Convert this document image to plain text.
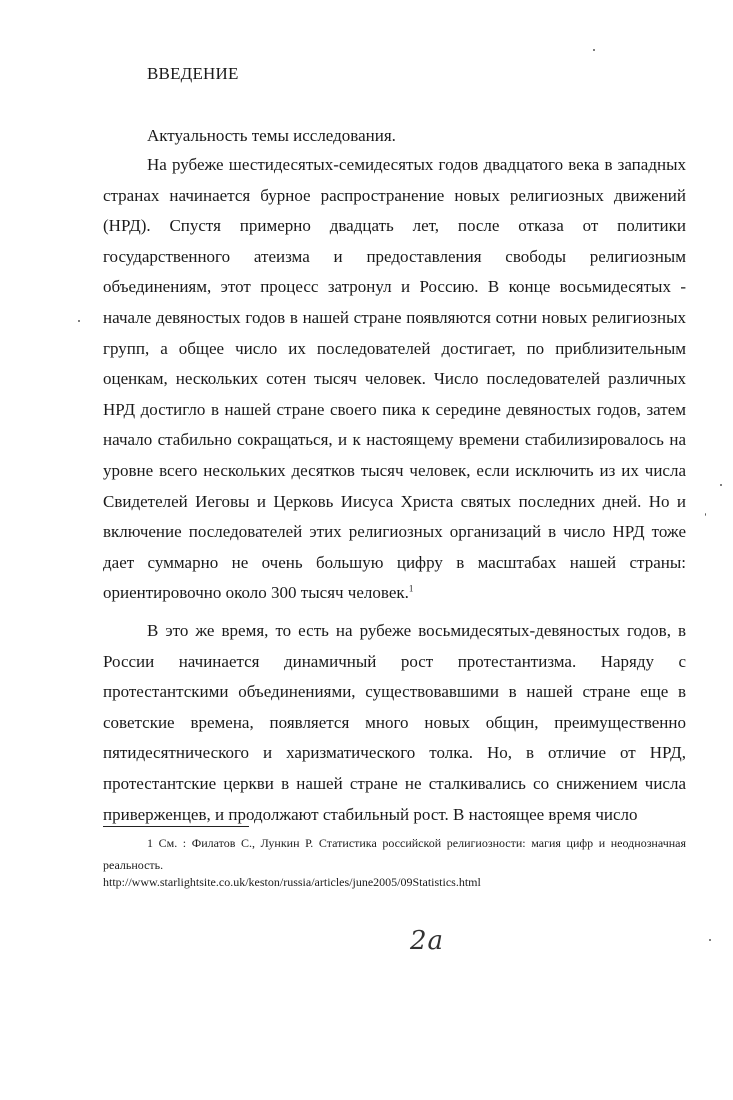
ВВЕДЕНИЕ
Актуальность темы исследования.

На рубеже шестидесятых-семидесятых годов двадцатого века в западных странах начинается бурное распространение новых религиозных движений (НРД). Спустя примерно двадцать лет, после отказа от политики государственного атеизма и предоставления свободы религиозным объединениям, этот процесс затронул и Россию. В конце восьмидесятых - начале девяностых годов в нашей стране появляются сотни новых религиозных групп, а общее число их последователей достигает, по приблизительным оценкам, нескольких сотен тысяч человек. Число последователей различных НРД достигло в нашей стране своего пика к середине девяностых годов, затем начало стабильно сокращаться, и к настоящему времени стабилизировалось на уровне всего нескольких десятков тысяч человек, если исключить из их числа Свидетелей Иеговы и Церковь Иисуса Христа святых последних дней. Но и включение последователей этих религиозных организаций в число НРД тоже дает суммарно не очень большую цифру в масштабах нашей страны: ориентировочно около 300 тысяч человек.$^1$

В это же время, то есть на рубеже восьмидесятых-девяностых годов, в России начинается динамичный рост протестантизма. Наряду с протестантскими объединениями, существовавшими в нашей стране еще в советские времена, появляется много новых общин, преимущественно пятидесятнического и харизматического толка. Но, в отличие от НРД, протестантские церкви в нашей стране не сталкивались со снижением числа приверженцев, и продолжают стабильный рост. В настоящее время число

1 См. : Филатов С., Лункин Р. Статистика российской религиозности: магия цифр и неоднозначная реальность.
http://www.starlightsite.co.uk/keston/russia/articles/june2005/09Statistics.html
2а
